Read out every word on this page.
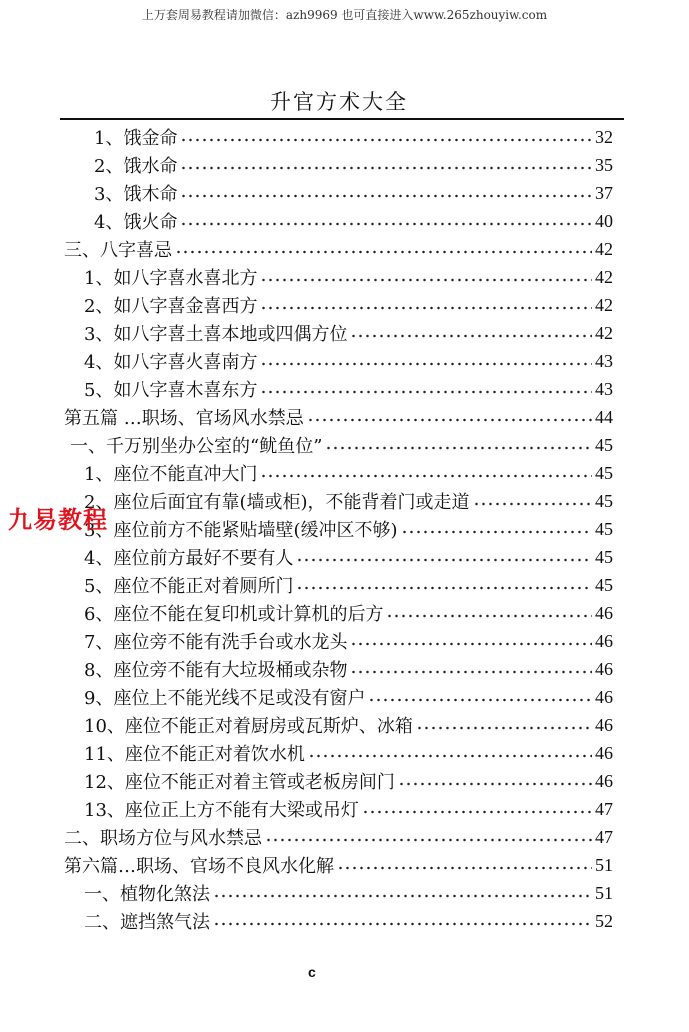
上万套周易教程请加微信：azh9969 也可直接进入www.265zhouyiw.com
升官方术大全
1、饿金命	32
2、饿水命	35
3、饿木命	37
4、饿火命	40
三、八字喜忌	42
1、如八字喜水喜北方	42
2、如八字喜金喜西方	42
3、如八字喜土喜本地或四偶方位	42
4、如八字喜火喜南方	43
5、如八字喜木喜东方	43
第五篇 …职场、官场风水禁忌	44
一、千万别坐办公室的“鱿鱼位”	45
1、座位不能直冲大门	45
2、座位后面宜有靠(墙或柜)，不能背着门或走道	45
3、座位前方不能紧贴墙壁(缓冲区不够)	45
4、座位前方最好不要有人	45
5、座位不能正对着厕所门	45
6、座位不能在复印机或计算机的后方	46
7、座位旁不能有洗手台或水龙头	46
8、座位旁不能有大垃圾桶或杂物	46
9、座位上不能光线不足或没有窗户	46
10、座位不能正对着厨房或瓦斯炉、冰箱	46
11、座位不能正对着饮水机	46
12、座位不能正对着主管或老板房间门	46
13、座位正上方不能有大梁或吊灯	47
二、职场方位与风水禁忌	47
第六篇…职场、官场不良风水化解	51
一、植物化煞法	51
二、遮挡煞气法	52
九易教程
c
